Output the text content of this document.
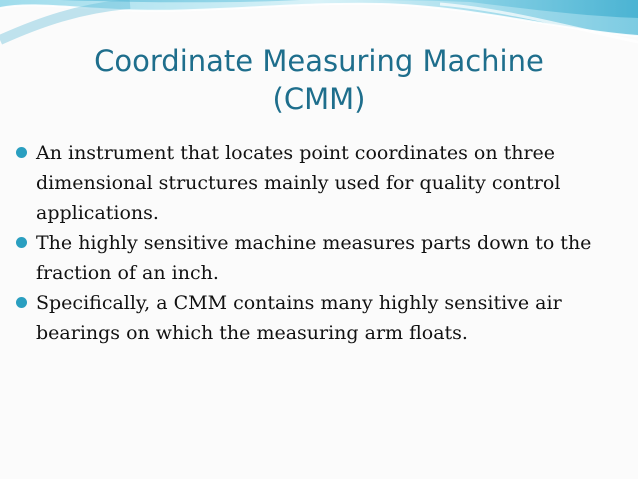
Coordinate Measuring Machine
(CMM)
An instrument that locates point coordinates on three dimensional structures mainly used for quality control applications.
The highly sensitive machine measures parts down to the fraction of an inch.
Specifically, a CMM contains many highly sensitive air bearings on which the measuring arm floats.
